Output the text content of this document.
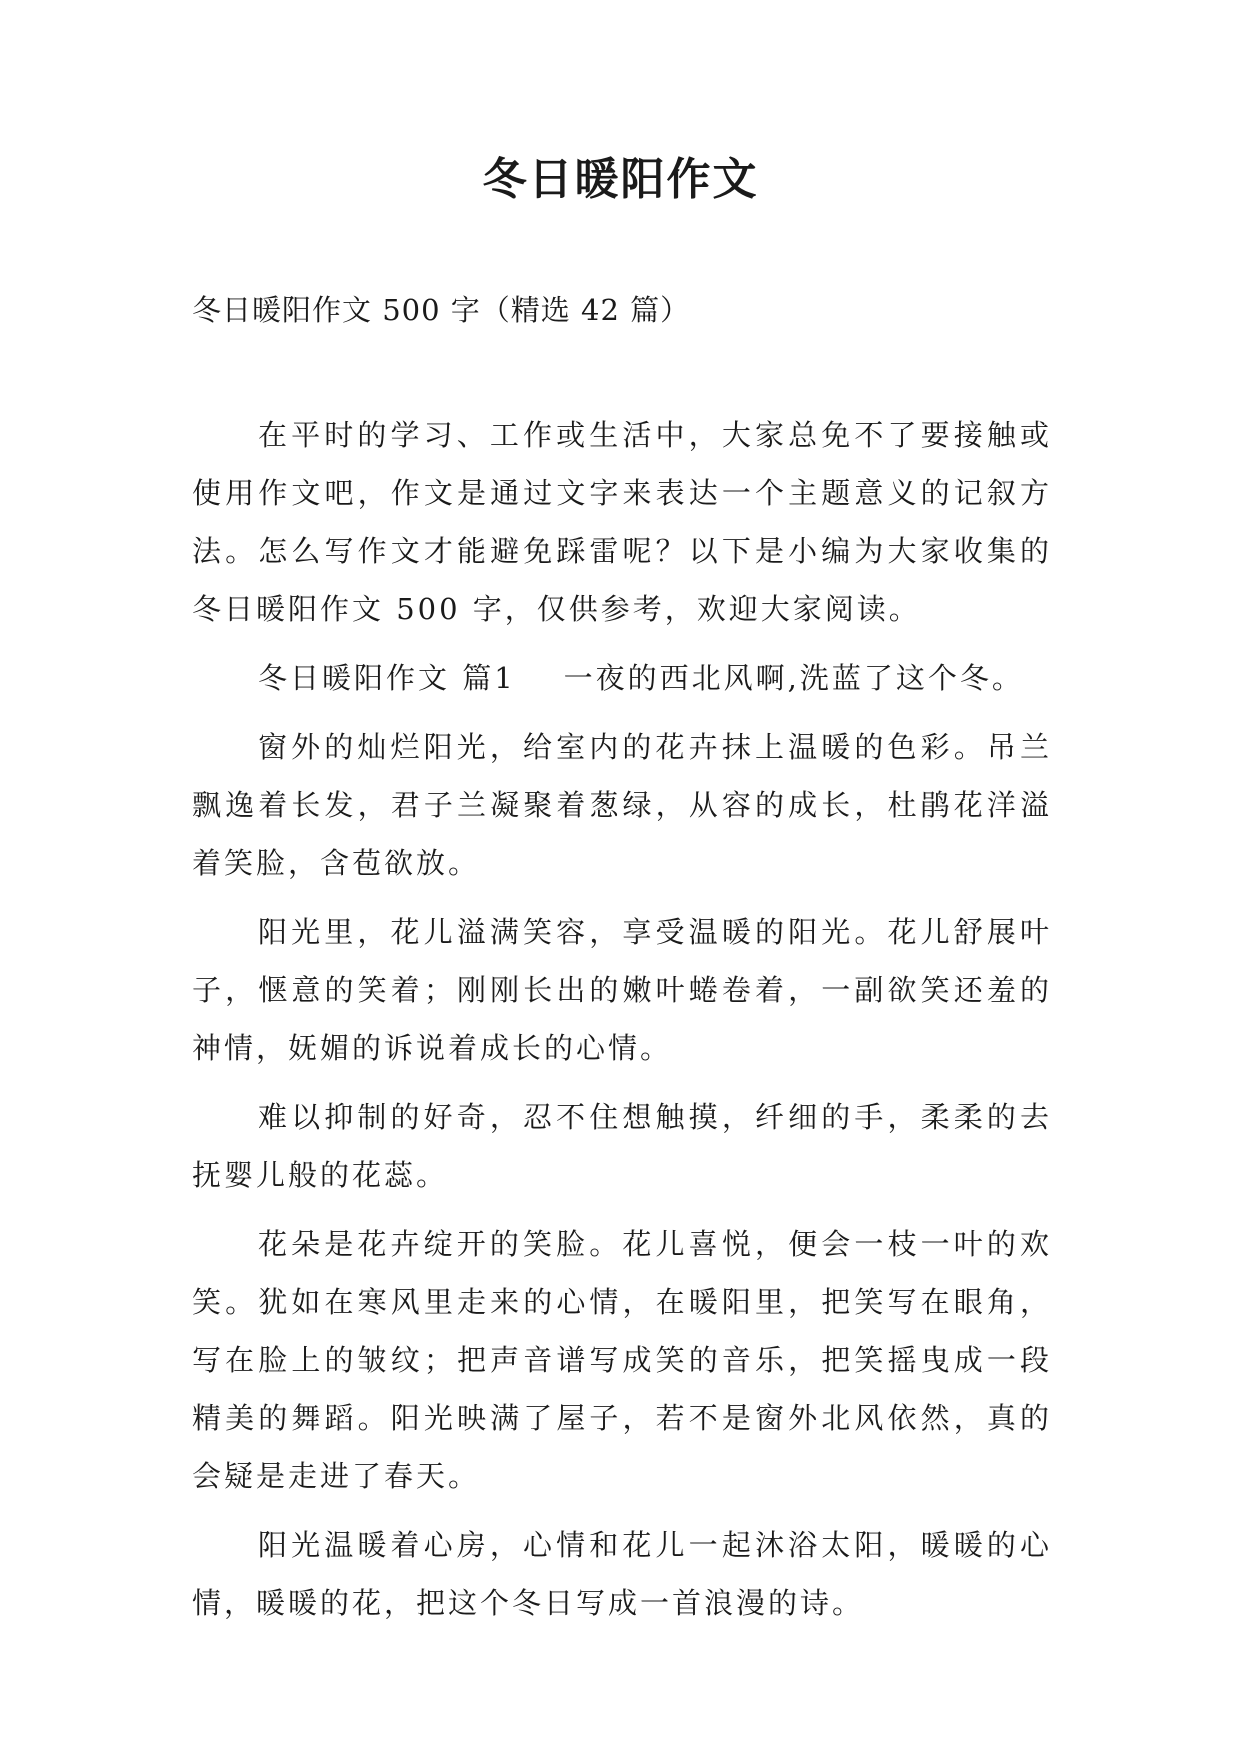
冬日暖阳作文

冬日暖阳作文 500 字（精选 42 篇）

在平时的学习、工作或生活中，大家总免不了要接触或使用作文吧，作文是通过文字来表达一个主题意义的记叙方法。怎么写作文才能避免踩雷呢？以下是小编为大家收集的冬日暖阳作文 500 字，仅供参考，欢迎大家阅读。

冬日暖阳作文 篇1 一夜的西北风啊,洗蓝了这个冬。

窗外的灿烂阳光，给室内的花卉抹上温暖的色彩。吊兰飘逸着长发，君子兰凝聚着葱绿，从容的成长，杜鹃花洋溢着笑脸，含苞欲放。

阳光里，花儿溢满笑容，享受温暖的阳光。花儿舒展叶子，惬意的笑着；刚刚长出的嫩叶蜷卷着，一副欲笑还羞的神情，妩媚的诉说着成长的心情。

难以抑制的好奇，忍不住想触摸，纤细的手，柔柔的去抚婴儿般的花蕊。

花朵是花卉绽开的笑脸。花儿喜悦，便会一枝一叶的欢笑。犹如在寒风里走来的心情，在暖阳里，把笑写在眼角，写在脸上的皱纹；把声音谱写成笑的音乐，把笑摇曳成一段精美的舞蹈。阳光映满了屋子，若不是窗外北风依然，真的会疑是走进了春天。

阳光温暖着心房，心情和花儿一起沐浴太阳，暖暖的心情，暖暖的花，把这个冬日写成一首浪漫的诗。
